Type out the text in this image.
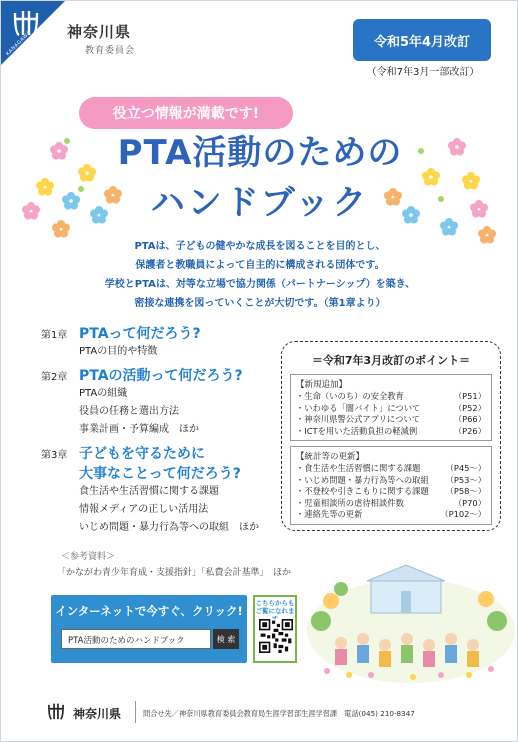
KANAGAWA 神奈川県
教育委員会
令和5年4月改訂
（令和7年3月一部改訂）
役立つ情報が満載です!
PTA活動のための
ハンドブック
PTAは、子どもの健やかな成長を図ることを目的とし、
保護者と教職員によって自主的に構成される団体です。
学校とPTAは、対等な立場で協力関係（パートナーシップ）を築き、
密接な連携を図っていくことが大切です。（第1章より）
第1章 PTAって何だろう?
PTAの目的や特徴
第2章 PTAの活動って何だろう?
PTAの組織
役員の任務と選出方法
事業計画・予算編成　ほか
第3章 子どもを守るために
大事なことって何だろう?
食生活や生活習慣に関する課題
情報メディアの正しい活用法
いじめ問題・暴力行為等への取組　ほか
＝令和7年3月改訂のポイント＝
【新規追加】
・生命（いのち）の安全教育	（P51）
・いわゆる「闇バイト」について	（P52）
・神奈川県警公式アプリについて	（P66）
・ICTを用いた活動負担の軽減例	（P26）
【統計等の更新】
・食生活や生活習慣に関する課題	（P45～）
・いじめ問題・暴力行為等への取組 （P53～）
・不登校や引きこもりに関する課題 （P58～）
・児童相談所の虐待相談件数	（P70）
・連絡先等の更新	（P102～）
＜参考資料＞
「かながわ青少年育成・支援指針」「私費会計基準」　ほか
インターネットで今すぐ、クリック!
PTA活動のためのハンドブック	検 索
こちらからもご覧になれま
神奈川県	問合せ先／神奈川県教育委員会教育局生涯学習部生涯学習課　電話(045) 210-8347
